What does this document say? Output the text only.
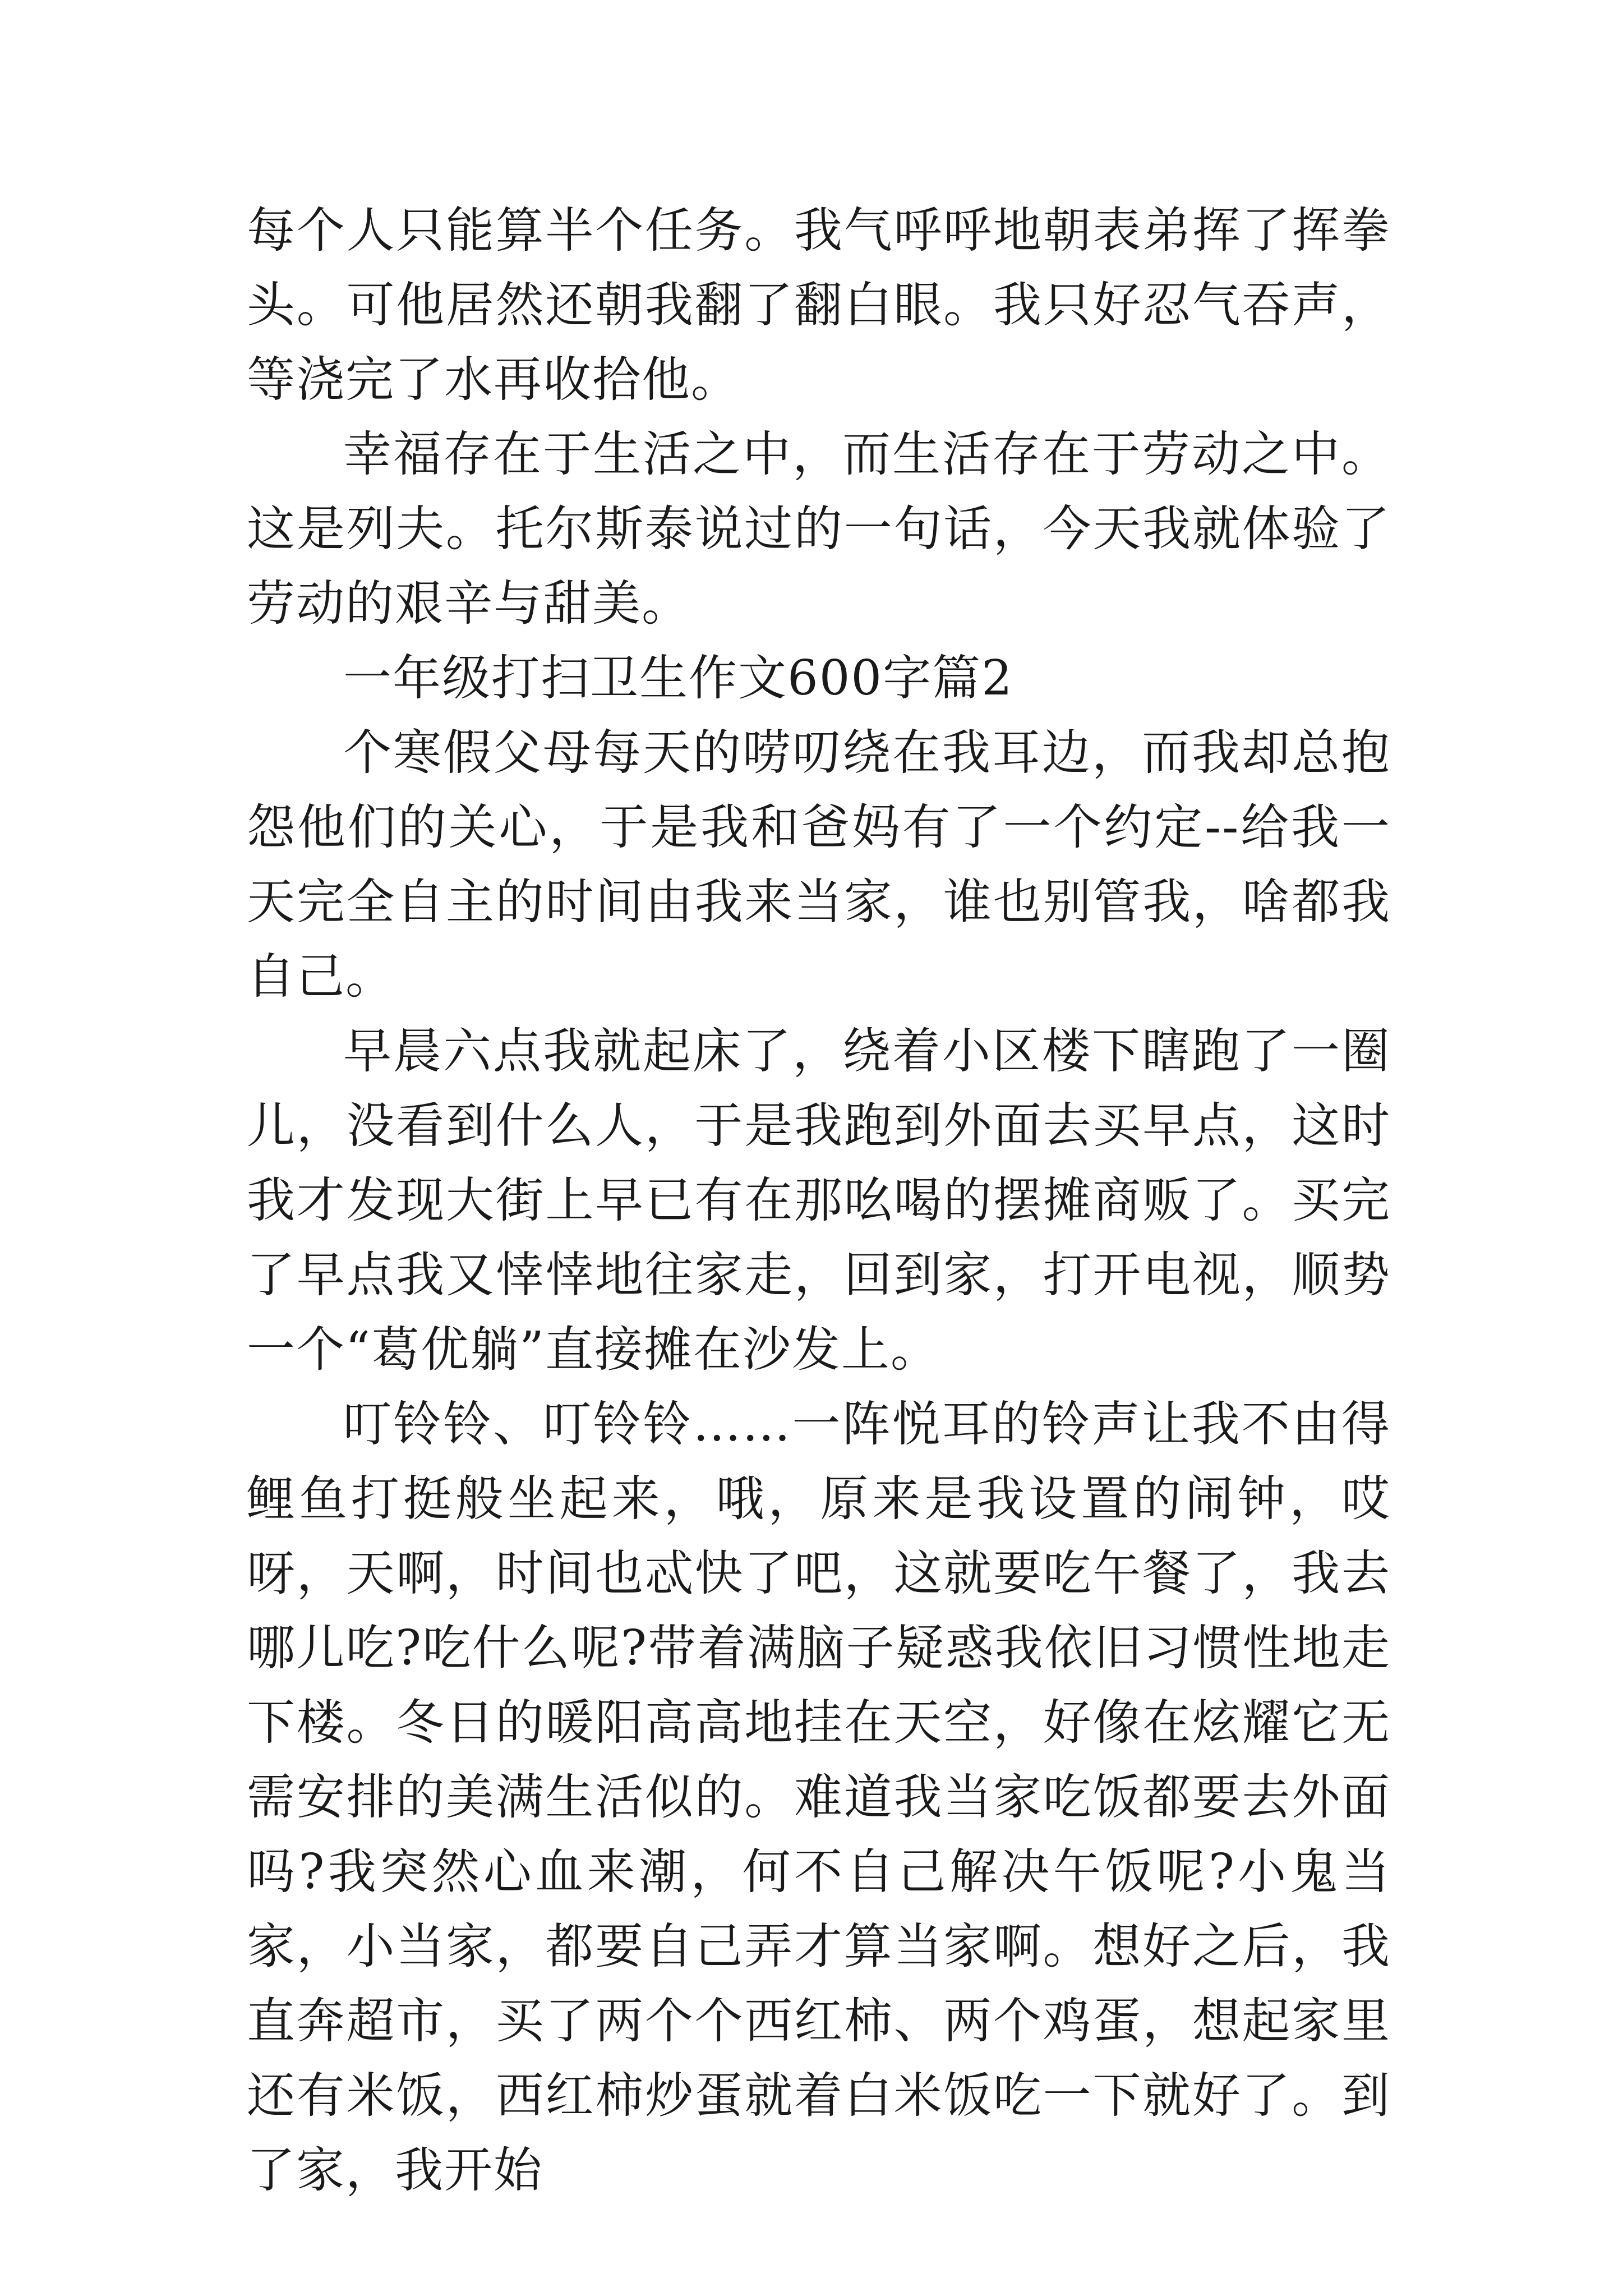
每个人只能算半个任务。我气呼呼地朝表弟挥了挥拳头。可他居然还朝我翻了翻白眼。我只好忍气吞声，等浇完了水再收拾他。

幸福存在于生活之中，而生活存在于劳动之中。这是列夫。托尔斯泰说过的一句话，今天我就体验了劳动的艰辛与甜美。

一年级打扫卫生作文600字篇2

个寒假父母每天的唠叨绕在我耳边，而我却总抱怨他们的关心，于是我和爸妈有了一个约定--给我一天完全自主的时间由我来当家，谁也别管我，啥都我自己。

早晨六点我就起床了，绕着小区楼下瞎跑了一圈儿，没看到什么人，于是我跑到外面去买早点，这时我才发现大街上早已有在那吆喝的摆摊商贩了。买完了早点我又悻悻地往家走，回到家，打开电视，顺势一个“葛优躺”直接摊在沙发上。

叮铃铃、叮铃铃……一阵悦耳的铃声让我不由得鲤鱼打挺般坐起来，哦，原来是我设置的闹钟，哎呀，天啊，时间也忒快了吧，这就要吃午餐了，我去哪儿吃?吃什么呢?带着满脑子疑惑我依旧习惯性地走下楼。冬日的暖阳高高地挂在天空，好像在炫耀它无需安排的美满生活似的。难道我当家吃饭都要去外面吗?我突然心血来潮，何不自己解决午饭呢?小鬼当家，小当家，都要自己弄才算当家啊。想好之后，我直奔超市，买了两个个西红柿、两个鸡蛋，想起家里还有米饭，西红柿炒蛋就着白米饭吃一下就好了。到了家，我开始
